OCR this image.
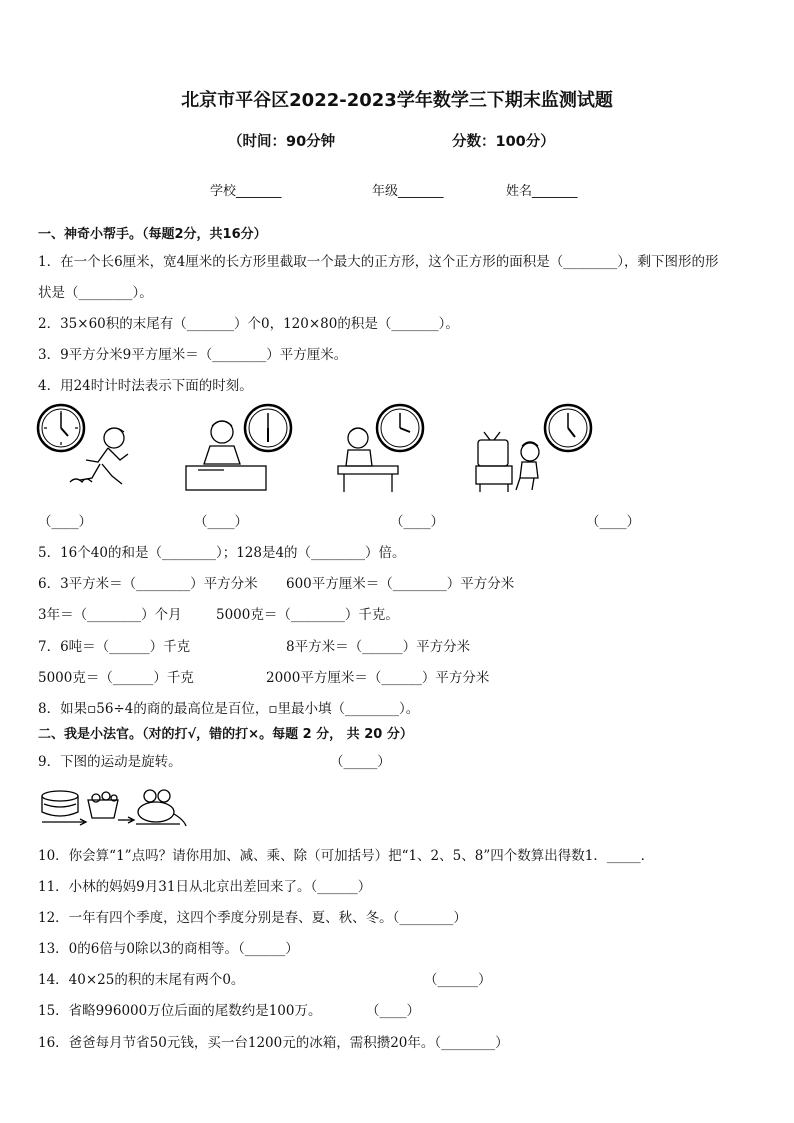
北京市平谷区2022-2023学年数学三下期末监测试题
（时间：90分钟	分数：100分）
学校_______	年级_______	姓名_______
一、神奇小帮手。（每题2分，共16分）
1．在一个长6厘米，宽4厘米的长方形里截取一个最大的正方形，这个正方形的面积是（________），剩下图形的形
状是（________）。
2．35×60积的末尾有（_______）个0，120×80的积是（_______）。
3．9平方分米9平方厘米＝（________）平方厘米。
4．用24时计时法表示下面的时刻。
（____）	（____）	（____）	（____）
5．16个40的和是（________）；128是4的（________）倍。
6．3平方米＝（________）平方分米 600平方厘米＝（________）平方分米
3年＝（________）个月	5000克＝（________）千克。
7．6吨＝（______）千克	8平方米＝（______）平方分米
5000克＝（______）千克	2000平方厘米＝（______）平方分米
8．如果▫56÷4的商的最高位是百位，▫里最小填（________）。
二、我是小法官。（对的打√，错的打×。每题 2 分， 共 20 分）
9．下图的运动是旋转。	（_____）
10．你会算“1”点吗？请你用加、减、乘、除（可加括号）把“1、2、5、8”四个数算出得数1．_____．
11．小林的妈妈9月31日从北京出差回来了。（______）
12．一年有四个季度，这四个季度分别是春、夏、秋、冬。（________）
13．0的6倍与0除以3的商相等。（______）
14．40×25的积的末尾有两个0。	（______）
15．省略996000万位后面的尾数约是100万。	（____）
16．爸爸每月节省50元钱，买一台1200元的冰箱，需积攒20年。（________）
